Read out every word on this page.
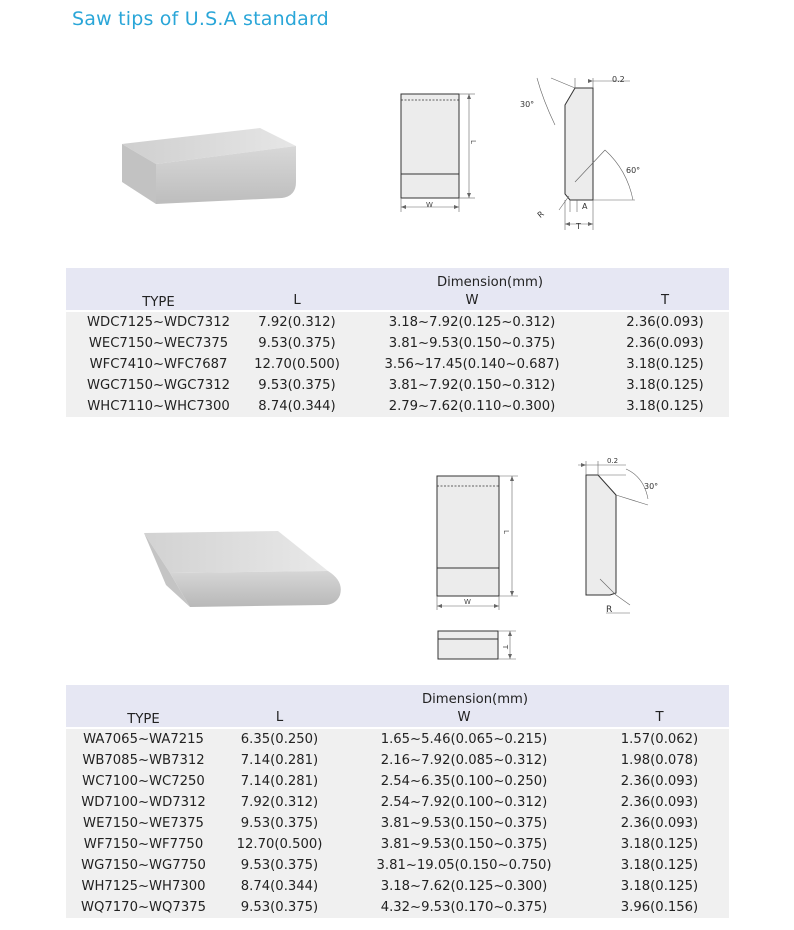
Saw tips of U.S.A standard
W
L
0.2
30°
60°
A
T
R
TYPE	Dimension(mm)		
	L	W	T
WDC7125~WDC7312	7.92(0.312)	3.18~7.92(0.125~0.312)	2.36(0.093)
WEC7150~WEC7375	9.53(0.375)	3.81~9.53(0.150~0.375)	2.36(0.093)
WFC7410~WFC7687	12.70(0.500)	3.56~17.45(0.140~0.687)	3.18(0.125)
WGC7150~WGC7312	9.53(0.375)	3.81~7.92(0.150~0.312)	3.18(0.125)
WHC7110~WHC7300	8.74(0.344)	2.79~7.62(0.110~0.300)	3.18(0.125)
W
L
T
0.2
30°
R
TYPE	Dimension(mm)		
	L	W	T
WA7065~WA7215	6.35(0.250)	1.65~5.46(0.065~0.215)	1.57(0.062)
WB7085~WB7312	7.14(0.281)	2.16~7.92(0.085~0.312)	1.98(0.078)
WC7100~WC7250	7.14(0.281)	2.54~6.35(0.100~0.250)	2.36(0.093)
WD7100~WD7312	7.92(0.312)	2.54~7.92(0.100~0.312)	2.36(0.093)
WE7150~WE7375	9.53(0.375)	3.81~9.53(0.150~0.375)	2.36(0.093)
WF7150~WF7750	12.70(0.500)	3.81~9.53(0.150~0.375)	3.18(0.125)
WG7150~WG7750	9.53(0.375)	3.81~19.05(0.150~0.750)	3.18(0.125)
WH7125~WH7300	8.74(0.344)	3.18~7.62(0.125~0.300)	3.18(0.125)
WQ7170~WQ7375	9.53(0.375)	4.32~9.53(0.170~0.375)	3.96(0.156)
